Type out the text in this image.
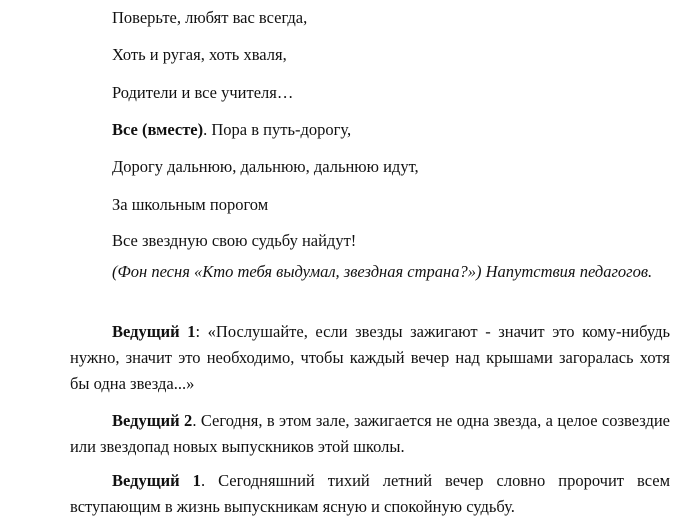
Поверьте, любят вас всегда,
Хоть и ругая, хоть хваля,
Родители и все учителя…
Все (вместе). Пора в путь-дорогу,
Дорогу дальнюю, дальнюю, дальнюю идут,
За школьным порогом
Все звездную свою судьбу найдут!
(Фон песня «Кто тебя выдумал, звездная страна?») Напутствия педагогов.
Ведущий 1: «Послушайте, если звезды зажигают - значит это кому-нибудь нужно, значит это необходимо, чтобы каждый вечер над крышами загоралась хотя бы одна звезда...»
Ведущий 2. Сегодня, в этом зале, зажигается не одна звезда, а целое созвездие или звездопад новых выпускников этой школы.
Ведущий 1. Сегодняшний тихий летний вечер словно пророчит всем вступающим в жизнь выпускникам ясную и спокойную судьбу.
